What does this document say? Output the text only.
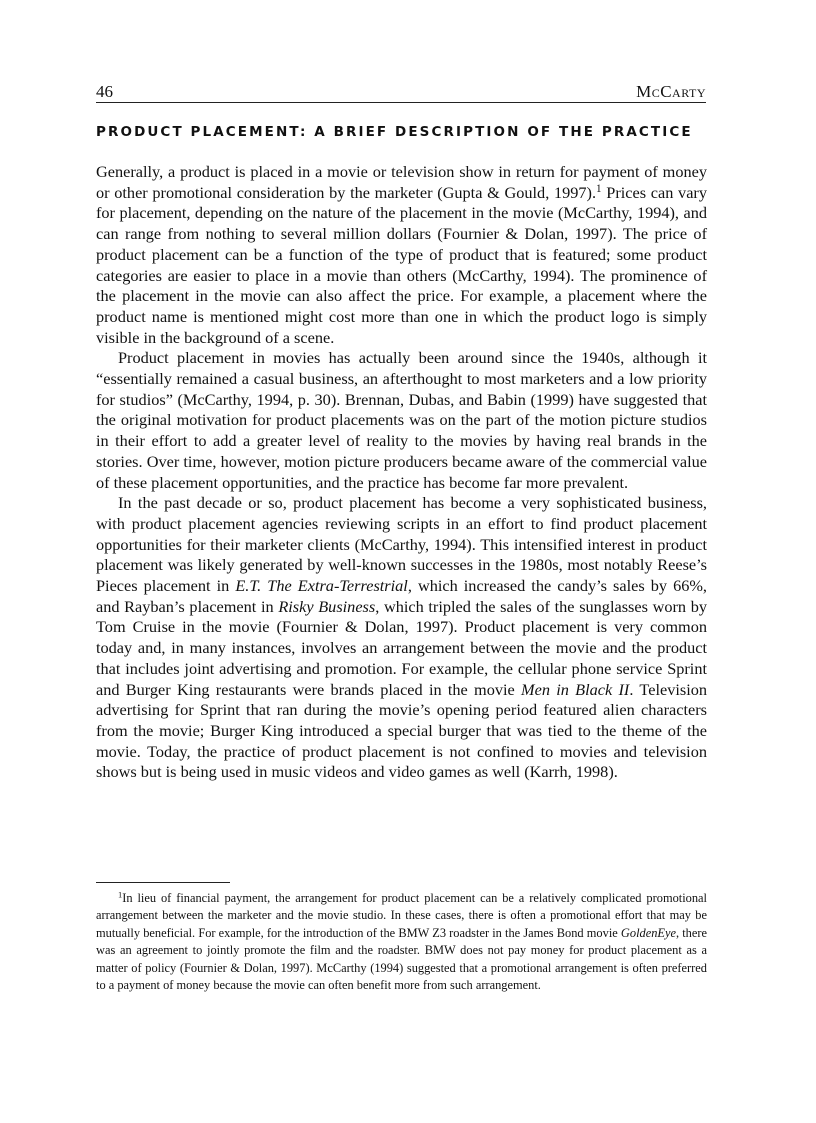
46	McCarty
PRODUCT PLACEMENT: A BRIEF DESCRIPTION OF THE PRACTICE

Generally, a product is placed in a movie or television show in return for payment of money or other promotional consideration by the marketer (Gupta & Gould, 1997).$^1$ Prices can vary for placement, depending on the nature of the placement in the movie (McCarthy, 1994), and can range from nothing to several million dollars (Fournier & Dolan, 1997). The price of product placement can be a function of the type of product that is featured; some product categories are easier to place in a movie than others (McCarthy, 1994). The prominence of the placement in the movie can also affect the price. For example, a placement where the product name is mentioned might cost more than one in which the product logo is simply visible in the background of a scene.

Product placement in movies has actually been around since the 1940s, although it “essentially remained a casual business, an afterthought to most marketers and a low priority for studios” (McCarthy, 1994, p. 30). Brennan, Dubas, and Babin (1999) have suggested that the original motivation for product placements was on the part of the motion picture studios in their effort to add a greater level of reality to the movies by having real brands in the stories. Over time, however, motion picture producers became aware of the commercial value of these placement opportunities, and the practice has become far more prevalent.

In the past decade or so, product placement has become a very sophisticated business, with product placement agencies reviewing scripts in an effort to find product placement opportunities for their marketer clients (McCarthy, 1994). This intensified interest in product placement was likely generated by well-known successes in the 1980s, most notably Reese’s Pieces placement in E.T. The Extra-Terrestrial, which increased the candy’s sales by 66%, and Rayban’s placement in Risky Business, which tripled the sales of the sunglasses worn by Tom Cruise in the movie (Fournier & Dolan, 1997). Product placement is very common today and, in many instances, involves an arrangement between the movie and the product that includes joint advertising and promotion. For example, the cellular phone service Sprint and Burger King restaurants were brands placed in the movie Men in Black II. Television advertising for Sprint that ran during the movie’s opening period featured alien characters from the movie; Burger King introduced a special burger that was tied to the theme of the movie. Today, the practice of product placement is not confined to movies and television shows but is being used in music videos and video games as well (Karrh, 1998).

$^1$In lieu of financial payment, the arrangement for product placement can be a relatively complicated promotional arrangement between the marketer and the movie studio. In these cases, there is often a promotional effort that may be mutually beneficial. For example, for the introduction of the BMW Z3 roadster in the James Bond movie GoldenEye, there was an agreement to jointly promote the film and the roadster. BMW does not pay money for product placement as a matter of policy (Fournier & Dolan, 1997). McCarthy (1994) suggested that a promotional arrangement is often preferred to a payment of money because the movie can often benefit more from such arrangement.
